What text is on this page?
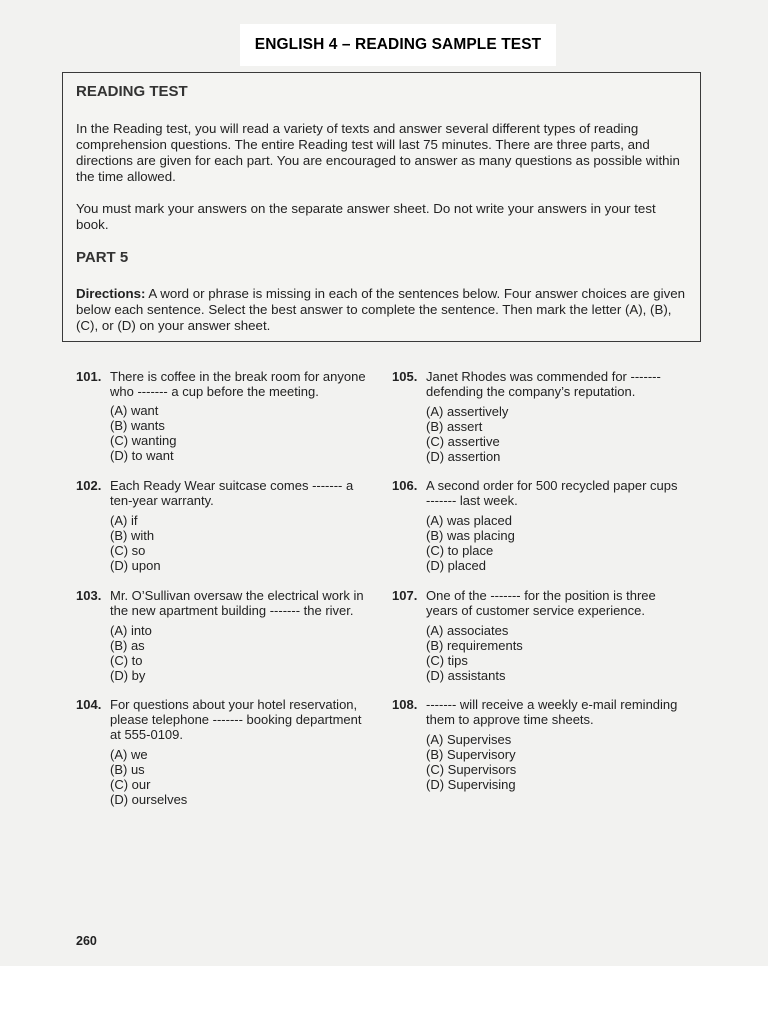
ENGLISH 4 – READING SAMPLE TEST
READING TEST
In the Reading test, you will read a variety of texts and answer several different types of reading comprehension questions. The entire Reading test will last 75 minutes. There are three parts, and directions are given for each part. You are encouraged to answer as many questions as possible within the time allowed.
You must mark your answers on the separate answer sheet. Do not write your answers in your test book.
PART 5
Directions: A word or phrase is missing in each of the sentences below. Four answer choices are given below each sentence. Select the best answer to complete the sentence. Then mark the letter (A), (B), (C), or (D) on your answer sheet.
101. There is coffee in the break room for anyone
who ------- a cup before the meeting.
(A) want
(B) wants
(C) wanting
(D) to want
102. Each Ready Wear suitcase comes ------- a
ten-year warranty.
(A) if
(B) with
(C) so
(D) upon
103. Mr. O’Sullivan oversaw the electrical work in
the new apartment building ------- the river.
(A) into
(B) as
(C) to
(D) by
104. For questions about your hotel reservation,
please telephone ------- booking department
at 555-0109.
(A) we
(B) us
(C) our
(D) ourselves
105. Janet Rhodes was commended for -------
defending the company’s reputation.
(A) assertively
(B) assert
(C) assertive
(D) assertion
106. A second order for 500 recycled paper cups
------- last week.
(A) was placed
(B) was placing
(C) to place
(D) placed
107. One of the ------- for the position is three
years of customer service experience.
(A) associates
(B) requirements
(C) tips
(D) assistants
108. ------- will receive a weekly e-mail reminding
them to approve time sheets.
(A) Supervises
(B) Supervisory
(C) Supervisors
(D) Supervising
260
